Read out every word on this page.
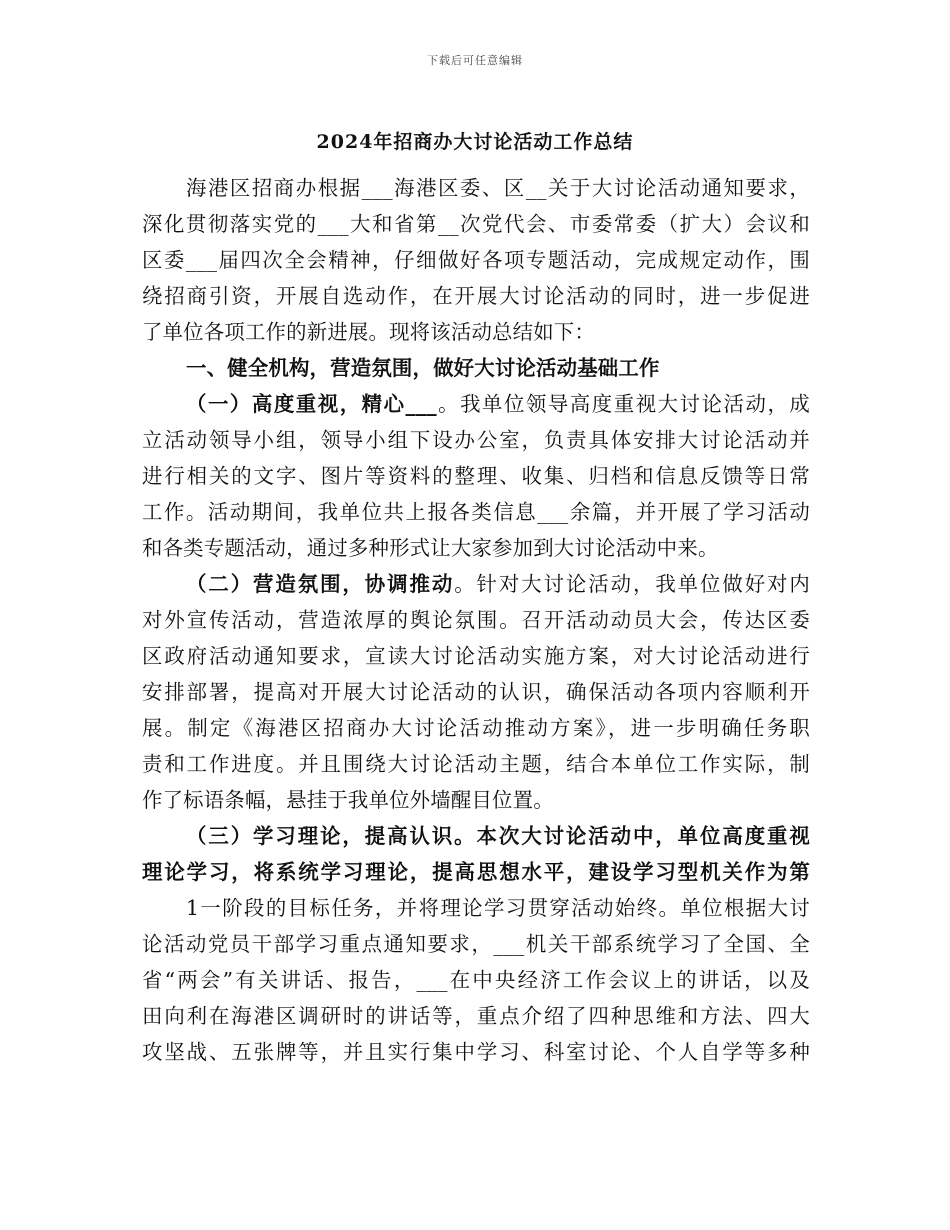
下载后可任意编辑
2024年招商办大讨论活动工作总结
海港区招商办根据___海港区委、区__关于大讨论活动通知要求，
深化贯彻落实党的___大和省第__次党代会、市委常委（扩大）会议和
区委___届四次全会精神，仔细做好各项专题活动，完成规定动作，围
绕招商引资，开展自选动作，在开展大讨论活动的同时，进一步促进
了单位各项工作的新进展。现将该活动总结如下：
一、健全机构，营造氛围，做好大讨论活动基础工作
（一）高度重视，精心___。我单位领导高度重视大讨论活动，成
立活动领导小组，领导小组下设办公室，负责具体安排大讨论活动并
进行相关的文字、图片等资料的整理、收集、归档和信息反馈等日常
工作。活动期间，我单位共上报各类信息___余篇，并开展了学习活动
和各类专题活动，通过多种形式让大家参加到大讨论活动中来。
（二）营造氛围，协调推动。针对大讨论活动，我单位做好对内
对外宣传活动，营造浓厚的舆论氛围。召开活动动员大会，传达区委
区政府活动通知要求，宣读大讨论活动实施方案，对大讨论活动进行
安排部署，提高对开展大讨论活动的认识，确保活动各项内容顺利开
展。制定《海港区招商办大讨论活动推动方案》，进一步明确任务职
责和工作进度。并且围绕大讨论活动主题，结合本单位工作实际，制
作了标语条幅，悬挂于我单位外墙醒目位置。
（三）学习理论，提高认识。本次大讨论活动中，单位高度重视
理论学习，将系统学习理论，提高思想水平，建设学习型机关作为第
1一阶段的目标任务，并将理论学习贯穿活动始终。单位根据大讨
论活动党员干部学习重点通知要求，___机关干部系统学习了全国、全
省“两会”有关讲话、报告，___在中央经济工作会议上的讲话，以及
田向利在海港区调研时的讲话等，重点介绍了四种思维和方法、四大
攻坚战、五张牌等，并且实行集中学习、科室讨论、个人自学等多种
